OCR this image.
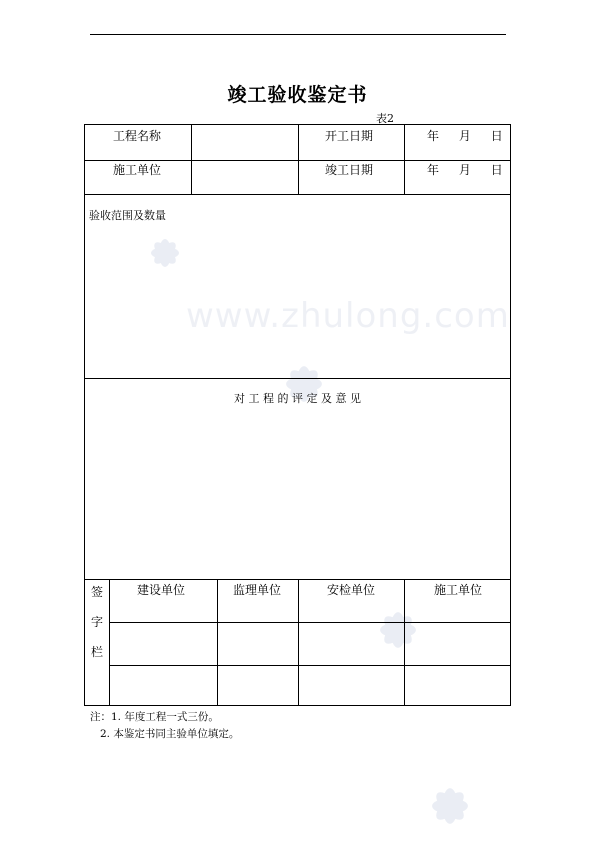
竣工验收鉴定书
表2
www.zhulong.com
工程名称	开工日期	年 月 日
施工单位	竣工日期	年 月 日
验收范围及数量
对 工 程 的 评 定 及 意 见
签
字
栏
建设单位	监理单位	安检单位	施工单位
注：1. 年度工程一式三份。
2. 本鉴定书同主验单位填定。
